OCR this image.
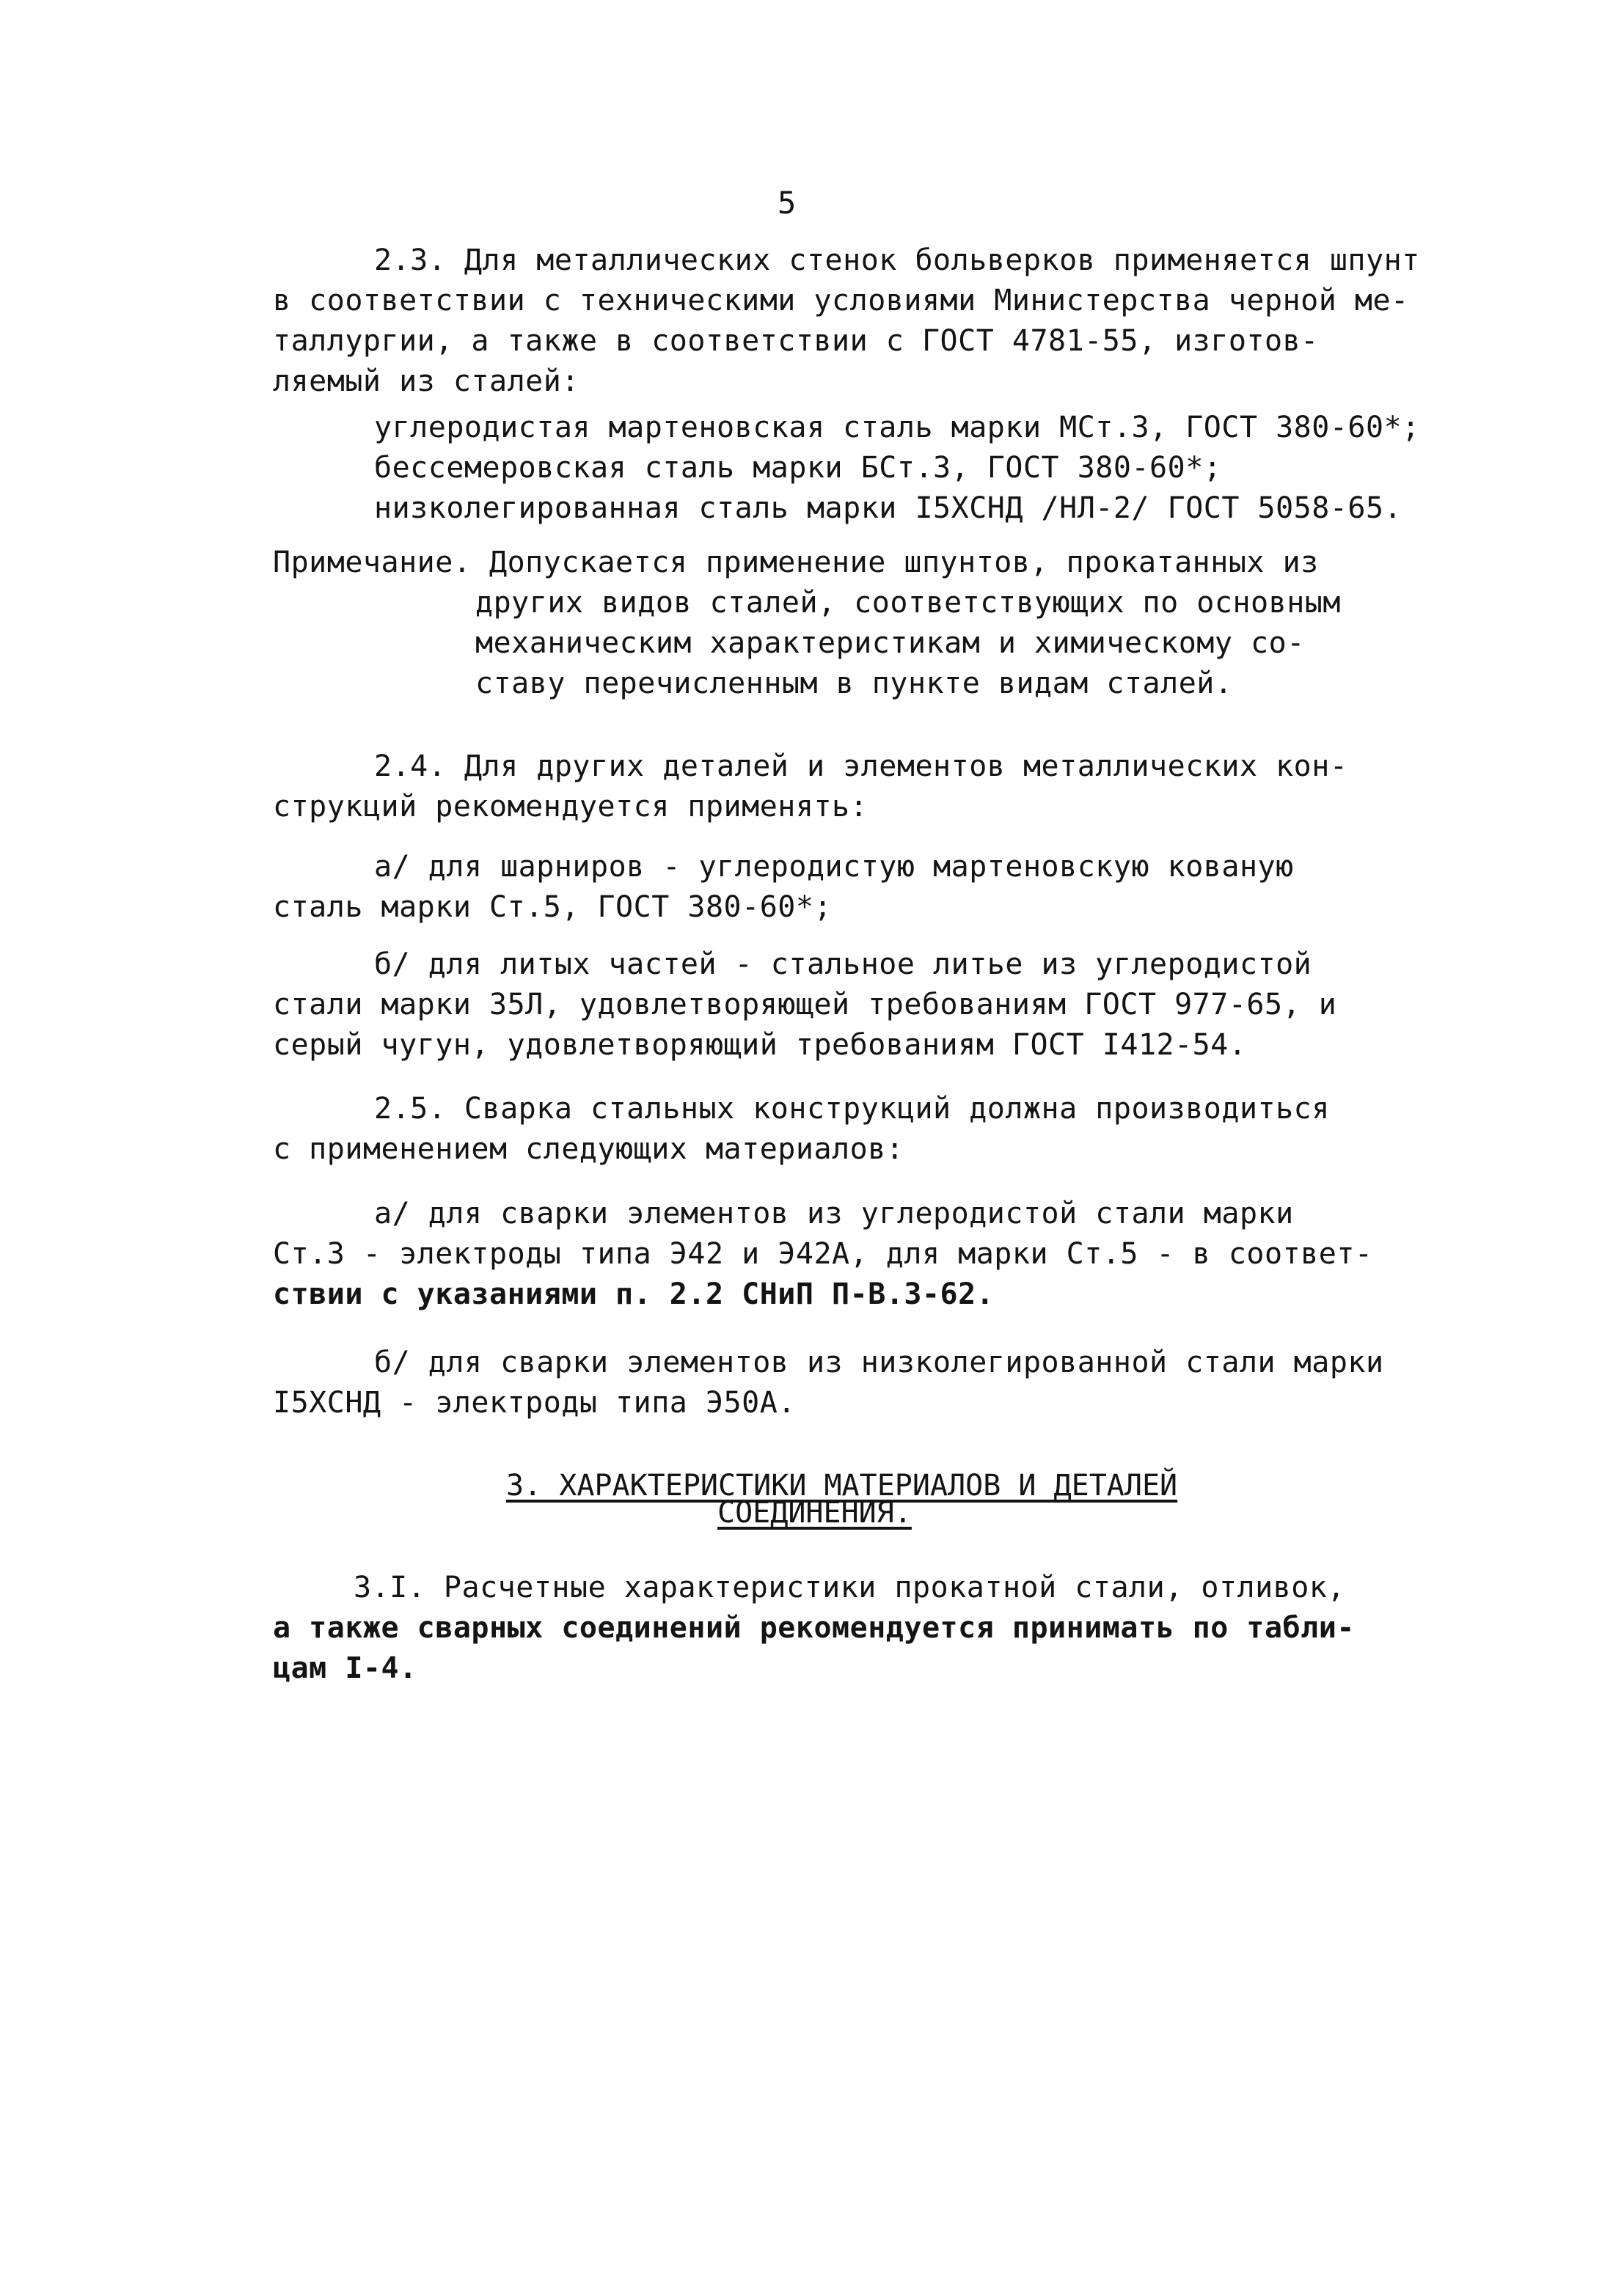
5
2.3. Для металлических стенок больверков применяется шпунт
в соответствии с техническими условиями Министерства черной ме-
таллургии, а также в соответствии с ГОСТ 4781-55, изготов-
ляемый из сталей:
углеродистая мартеновская сталь марки МСт.3, ГОСТ 380-60*;
бессемеровская сталь марки БСт.3, ГОСТ 380-60*;
низколегированная сталь марки I5ХСНД /НЛ-2/ ГОСТ 5058-65.
Примечание. Допускается применение шпунтов, прокатанных из
других видов сталей, соответствующих по основным
механическим характеристикам и химическому со-
ставу перечисленным в пункте видам сталей.
2.4. Для других деталей и элементов металлических кон-
струкций рекомендуется применять:
а/ для шарниров - углеродистую мартеновскую кованую
сталь марки Ст.5, ГОСТ 380-60*;
б/ для литых частей - стальное литье из углеродистой
стали марки 35Л, удовлетворяющей требованиям ГОСТ 977-65, и
серый чугун, удовлетворяющий требованиям ГОСТ I412-54.
2.5. Сварка стальных конструкций должна производиться
с применением следующих материалов:
а/ для сварки элементов из углеродистой стали марки
Ст.3 - электроды типа Э42 и Э42А, для марки Ст.5 - в соответ-
ствии с указаниями п. 2.2 СНиП П-В.3-62.
б/ для сварки элементов из низколегированной стали марки
I5ХСНД - электроды типа Э50А.
3. ХАРАКТЕРИСТИКИ МАТЕРИАЛОВ И ДЕТАЛЕЙ
СОЕДИНЕНИЯ.
3.I. Расчетные характеристики прокатной стали, отливок,
а также сварных соединений рекомендуется принимать по табли-
цам I-4.
